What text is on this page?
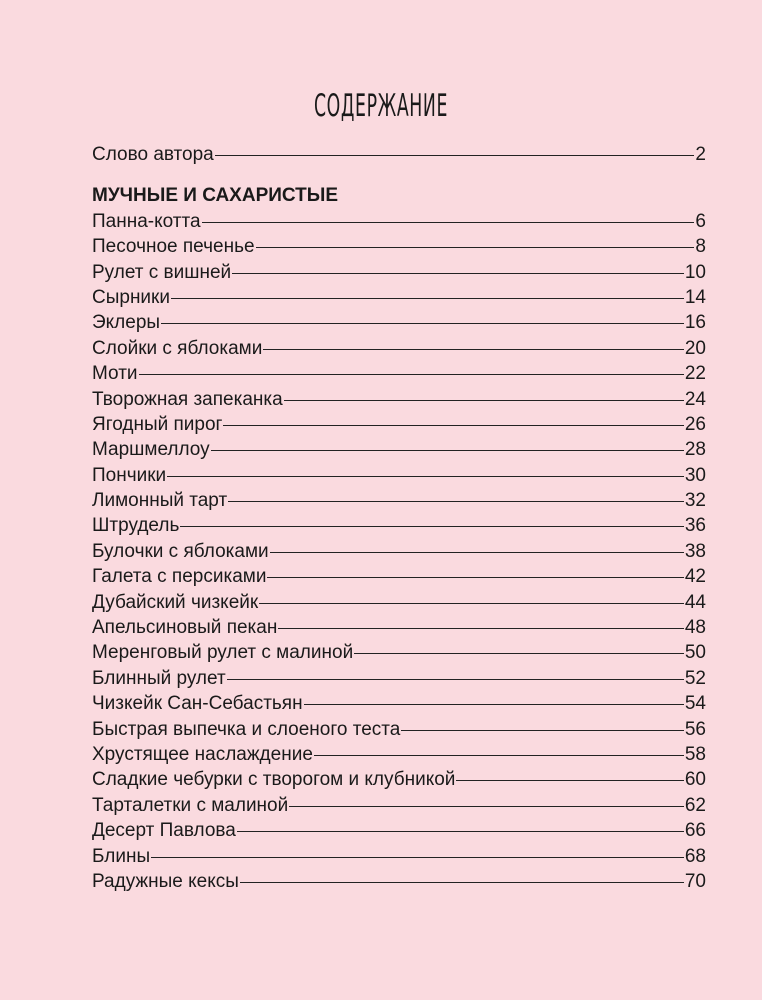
СОДЕРЖАНИЕ
Слово автора	2
МУЧНЫЕ И САХАРИСТЫЕ
Панна-котта	6
Песочное печенье	8
Рулет с вишней	10
Сырники	14
Эклеры	16
Слойки с яблоками	20
Моти	22
Творожная запеканка	24
Ягодный пирог	26
Маршмеллоу	28
Пончики	30
Лимонный тарт	32
Штрудель	36
Булочки с яблоками	38
Галета с персиками	42
Дубайский чизкейк	44
Апельсиновый пекан	48
Меренговый рулет с малиной	50
Блинный рулет	52
Чизкейк Сан-Себастьян	54
Быстрая выпечка и слоеного теста	56
Хрустящее наслаждение	58
Сладкие чебурки с творогом и клубникой	60
Тарталетки с малиной	62
Десерт Павлова	66
Блины	68
Радужные кексы	70
